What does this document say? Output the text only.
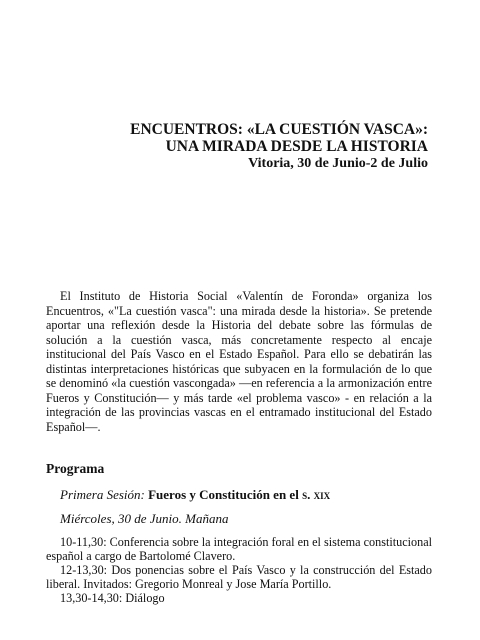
ENCUENTROS: «LA CUESTIÓN VASCA»:
UNA MIRADA DESDE LA HISTORIA
Vitoria, 30 de Junio-2 de Julio
El Instituto de Historia Social «Valentín de Foronda» organiza los Encuentros, «"La cuestión vasca": una mirada desde la historia». Se pretende aportar una reflexión desde la Historia del debate sobre las fórmulas de solución a la cuestión vasca, más concretamente respecto al encaje institucional del País Vasco en el Estado Español. Para ello se debatirán las distintas interpretaciones históricas que subyacen en la formulación de lo que se denominó «la cuestión vascongada» —en referencia a la armonización entre Fueros y Constitución— y más tarde «el problema vasco» - en relación a la integración de las provincias vascas en el entramado institucional del Estado Español—.
Programa
Primera Sesión: Fueros y Constitución en el s. xix
Miércoles, 30 de Junio. Mañana

10-11,30: Conferencia sobre la integración foral en el sistema constitucional español a cargo de Bartolomé Clavero.

12-13,30: Dos ponencias sobre el País Vasco y la construcción del Estado liberal. Invitados: Gregorio Monreal y Jose María Portillo.

13,30-14,30: Diálogo
